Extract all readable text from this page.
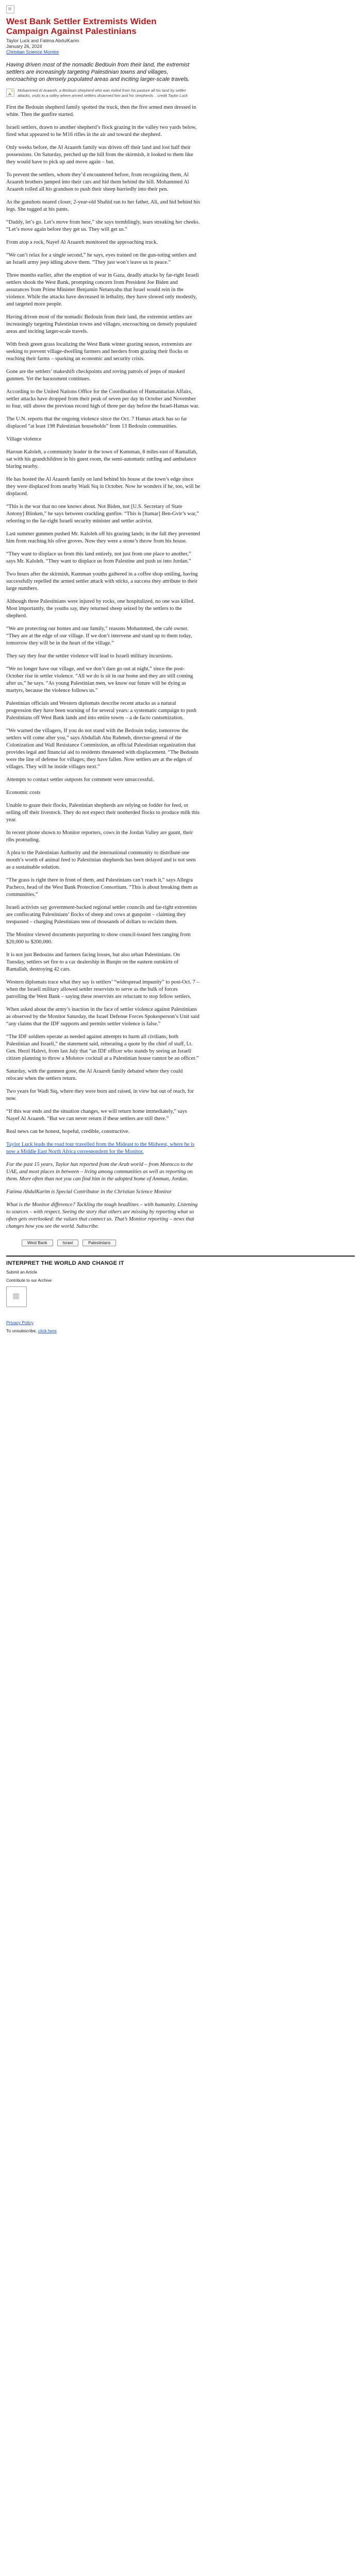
West Bank Settler Extremists Widen Campaign Against Palestinians
Taylor Luck and Fatima AbdulKarim
January 26, 2024
Christian Science Monitor

Having driven most of the nomadic Bedouin from their land, the extremist settlers are increasingly targeting Palestinian towns and villages, encroaching on densely populated areas and inciting larger-scale travels.

Mohammed Al Araareh, a Bedouin shepherd who was exiled from his pasture all his land by settler attacks, visits to a valley where armed settlers disarmed him and his shepherds. , credit Taylor Luck

First the Bedouin shepherd family spotted the truck, then the five armed men dressed in white. Then the gunfire started.

Israeli settlers, drawn to another shepherd’s flock grazing in the valley two yards below, fired what appeared to be M16 rifles in the air and toward the shepherd.

Only weeks before, the Al Araareh family was driven off their land and lost half their possessions. On Saturday, perched up the hill from the skirmish, it looked to them like they would have to pick up and move again – but.

To prevent the settlers, whom they’d encountered before, from recognizing them, Al Araareh brothers jumped into their cars and hid them behind the hill. Mohammed Al Araareh rolled all his grandson to push their sheep hurriedly into their pen.

As the gunshots neared closer, 2-year-old Shahid ran to her father, Ali, and hid behind his legs. She tugged at his pants.

“Daddy, let’s go. Let’s move from here,” she says tremblingly, tears streaking her cheeks. “Let’s move again before they get us. They will get us.”

From atop a rock, Nayef Al Araareh monitored the approaching truck.

“We can’t relax for a single second,” he says, eyes trained on the gun-toting settlers and an Israeli army jeep idling above them. “They just won’t leave us in peace.”

Three months earlier, after the eruption of war in Gaza, deadly attacks by far-right Israeli settlers shook the West Bank, prompting concern from President Joe Biden and assurances from Prime Minister Benjamin Netanyahu that Israel would rein in the violence. While the attacks have decreased in lethality, they have slowed only modestly, and targeted more people.

Having driven most of the nomadic Bedouin from their land, the extremist settlers are increasingly targeting Palestinian towns and villages, encroaching on densely populated areas and inciting larger-scale travels.

With fresh green grass localizing the West Bank winter grazing season, extremists are seeking to prevent village-dwelling farmers and herders from grazing their flocks or reaching their farms – sparking an economic and security crisis.

Gone are the settlers’ makeshift checkpoints and roving patrols of jeeps of masked gunmen. Yet the harassment continues.

According to the United Nations Office for the Coordination of Humanitarian Affairs, settler attacks have dropped from their peak of seven per day in October and November to four, still above the previous record high of three per day before the Israel-Hamas war.

The U.N. reports that the ongoing violence since the Oct. 7 Hamas attack has so far displaced “at least 198 Palestinian households” from 13 Bedouin communities.

Village violence

Haroun Kaloleh, a community leader in the town of Kumman, 8 miles east of Ramallah, sat with his grandchildren in his guest room, the semi-automatic rattling and ambulance blaring nearby.

He has hosted the Al Araareh family on land behind his house at the town’s edge since they were displaced from nearby Wadi Siq in October. Now he wonders if he, too, will be displaced.

“This is the war that no one knows about. Not Biden, not [U.S. Secretary of State Antony] Blinken,” he says between crackling gunfire. “This is [Itamar] Ben-Gvir’s war,” referring to the far-right Israeli security minister and settler activist.

Last summer gunmen pushed Mr. Kaloleh off his grazing lands; in the fall they prevented him from reaching his olive groves. Now they were a stone’s throw from his house.

“They want to displace us from this land entirely, not just from one place to another,” says Mr. Kaloleh. “They want to displace us from Palestine and push us into Jordan.”

Two hours after the skirmish, Kumman youths gathered in a coffee shop smiling, having successfully repelled the armed settler attack with sticks, a success they attribute to their large numbers.

Although three Palestinians were injured by rocks, one hospitalized, no one was killed. Most importantly, the youths say, they returned sheep seized by the settlers to the shepherd.

“We are protecting our homes and our family,” reasons Mohammed, the café owner. “They are at the edge of our village. If we don’t intervene and stand up to them today, tomorrow they will be in the heart of the village.”

They say they fear the settler violence will lead to Israeli military incursions.

“We no longer have our village, and we don’t dare go out at night,” since the post-October rise in settler violence. “All we do is sit in our home and they are still coming after us,” he says. “As young Palestinian men, we know our future will be dying as martyrs, because the violence follows us.”

Palestinian officials and Western diplomats describe recent attacks as a natural progression they have been warning of for several years: a systematic campaign to push Palestinians off West Bank lands and into entire towns – a de facto customization.

“We warned the villagers, If you do not stand with the Bedouin today, tomorrow the settlers will come after you,” says Abdullah Abu Rahmeh, director-general of the Colonization and Wall Resistance Commission, an official Palestinian organization that provides legal and financial aid to residents threatened with displacement. “The Bedouin were the line of defense for villages; they have fallen. Now settlers are at the edges of villages. They will be inside villages next.”

Attempts to contact settler outposts for comment were unsuccessful.

Economic costs

Unable to graze their flocks, Palestinian shepherds are relying on fodder for feed, or selling off their livestock. They do not expect their nonherded flocks to produce milk this year.

In recent phone shown to Monitor reporters, cows in the Jordan Valley are gaunt, their ribs protruding.

A plea to the Palestinian Authority and the international community to distribute one month’s worth of animal feed to Palestinian shepherds has been delayed and is not seen as a sustainable solution.

“The grass is right there in front of them, and Palestinians can’t reach it,” says Allegra Pacheco, head of the West Bank Protection Consortium. “This is about breaking them as communities.”

Israeli activists say government-backed regional settler councils and far-right extremists are confiscating Palestinians’ flocks of sheep and cows at gunpoint – claiming they trespassed – charging Palestinians tens of thousands of dollars to reclaim them.

The Monitor viewed documents purporting to show council-issued fees ranging from $20,000 to $200,000.

It is not just Bedouins and farmers facing losses, but also urban Palestinians. On Tuesday, settlers set fire to a car dealership in Burqin on the eastern outskirts of Ramallah, destroying 42 cars.

Western diplomats trace what they say is settlers’ “widespread impunity” to post-Oct. 7 – when the Israeli military allowed settler reservists to serve as the bulk of forces patrolling the West Bank – saying these reservists are reluctant to stop fellow settlers.

When asked about the army’s inaction in the face of settler violence against Palestinians as observed by the Monitor Saturday, the Israel Defense Forces Spokesperson’s Unit said “any claims that the IDF supports and permits settler violence is false.”

“The IDF soldiers operate as needed against attempts to harm all civilians, both Palestinian and Israeli,” the statement said, reiterating a quote by the chief of staff, Lt. Gen. Herzl Halevi, from last July that “an IDF officer who stands by seeing an Israeli citizen planning to throw a Molotov cocktail at a Palestinian house cannot be an officer.”

Saturday, with the gunmen gone, the Al Araareh family debated where they could relocate when the settlers return.

Two years for Wadi Siq, where they were born and raised, in view but out of reach, for now.

“If this war ends and the situation changes, we will return home immediately,” says Nayef Al Araareh. “But we can never return if these settlers are still there.”

Real news can be honest, hopeful, credible, constructive.

Taylor Luck leads the road tour travelled from the Mideast to the Midwest, where he is now a Middle East North Africa correspondent for the Monitor.

For the past 15 years, Taylor has reported from the Arab world – from Morocco to the UAE, and most places in between – living among communities as well as reporting on them. More often than not you can find him in the adopted home of Amman, Jordan.

Fatima AbdulKarim is Special Contributor in the Christian Science Monitor

What is the Monitor difference? Tackling the tough headlines – with humanity. Listening to sources – with respect. Seeing the story that others are missing by reporting what so often gets overlooked: the values that connect us. That’s Monitor reporting – news that changes how you see the world. Subscribe.

West Bank	Israel	Palestinians
INTERPRET THE WORLD AND CHANGE IT

Submit an Article

Contribute to our Archive

Privacy Policy

To unsubscribe, click here
